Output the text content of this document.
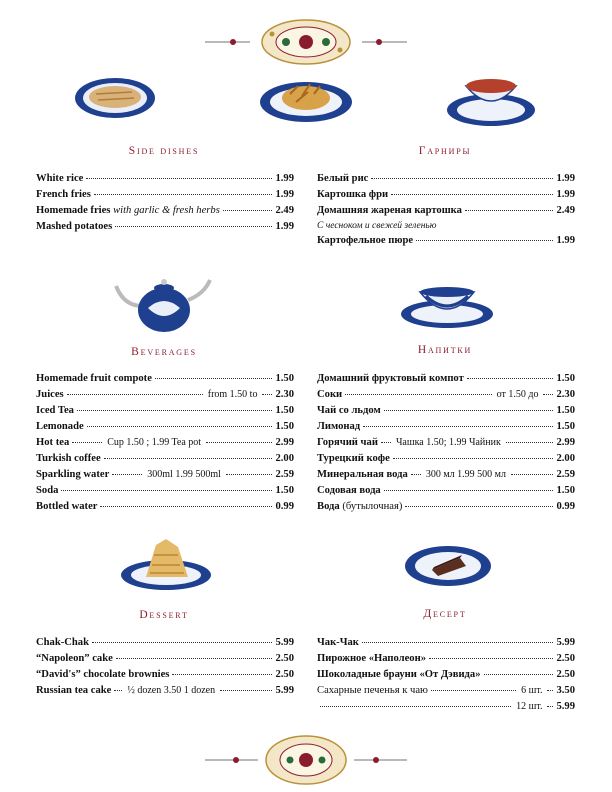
Side dishes	Гарниры
White rice	1.99
French fries	1.99
Homemade fries
with garlic & fresh herbs	2.49
Mashed potatoes	1.99
Белый рис	1.99
Картошка фри	1.99
Домашняя жареная картошка	2.49
С чесноком и свежей зеленью
Картофельное пюре	1.99
Beverages	Напитки
Homemade fruit compote	1.50
Juices	from 1.50 to 2.30
Iced Tea	1.50
Lemonade	1.50
Hot tea	Cup 1.50 ; 1.99 Tea pot	2.99
Turkish coffee	2.00
Sparkling water	300ml 1.99 500ml	2.59
Soda	1.50
Bottled water	0.99
Домашний фруктовый компот	1.50
Соки	от 1.50 до 2.30
Чай со льдом	1.50
Лимонад	1.50
Горячий чай Чашка 1.50; 1.99 Чайник	2.99
Турецкий кофе	2.00
Минеральная вода 300 мл 1.99 500 мл	2.59
Содовая вода	1.50
Вода
(бутылочная)	0.99
Dessert	Десерт
Chak-Chak	5.99
“Napoleon” cake	2.50
“David's” chocolate brownies	2.50
Russian tea cake ½ dozen 3.50 1 dozen	5.99
Чак-Чак	5.99
Пирожное «Наполеон»	2.50
Шоколадные брауни «От Дэвида»	2.50
Сахарные печенья к чаю	6 шт. 3.50
12 шт. 5.99
